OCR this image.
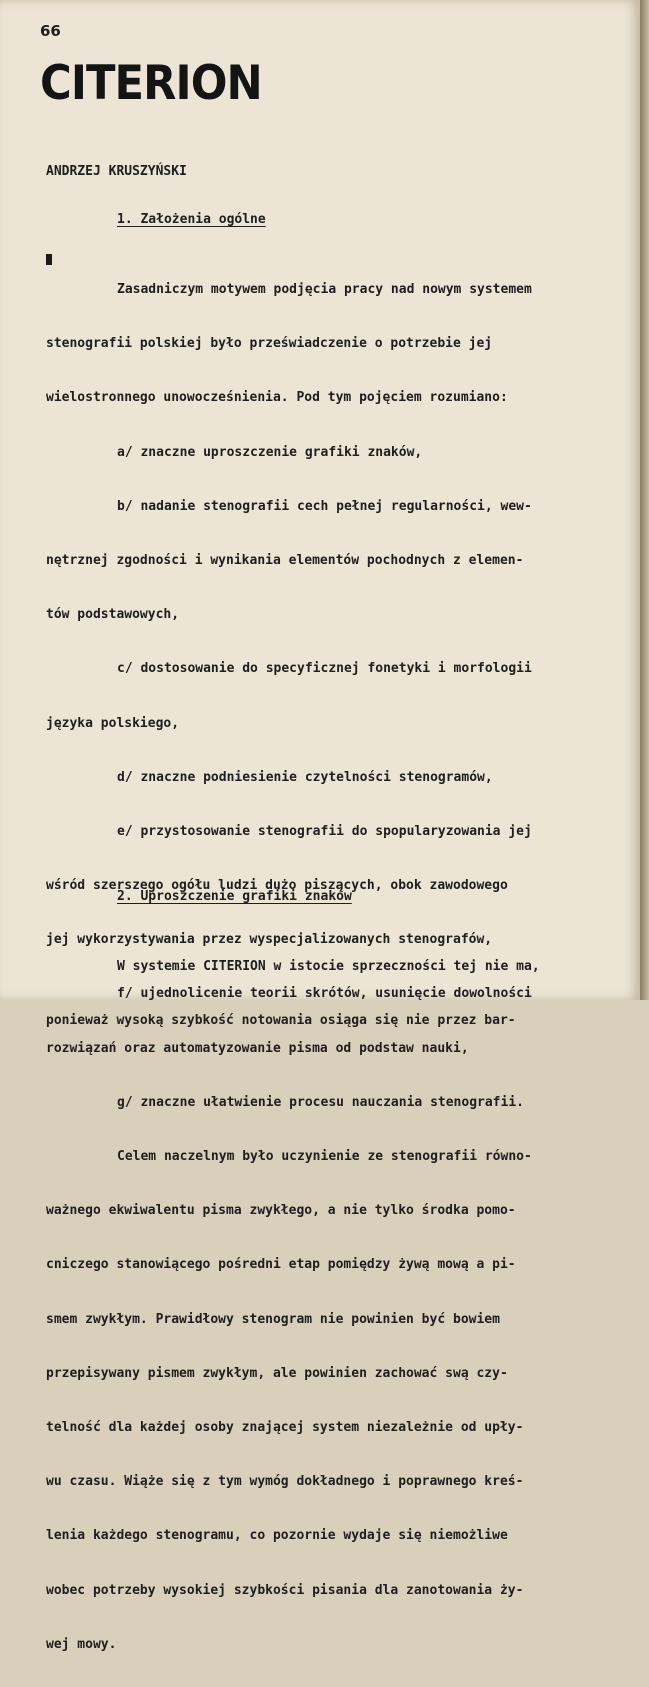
66
CITERION
ANDRZEJ KRUSZYŃSKI
1. Założenia ogólne

Zasadniczym motywem podjęcia pracy nad nowym systemem

stenografii polskiej było przeświadczenie o potrzebie jej

wielostronnego unowocześnienia. Pod tym pojęciem rozumiano:

a/ znaczne uproszczenie grafiki znaków,

b/ nadanie stenografii cech pełnej regularności, wew-

nętrznej zgodności i wynikania elementów pochodnych z elemen-

tów podstawowych,

c/ dostosowanie do specyficznej fonetyki i morfologii

języka polskiego,

d/ znaczne podniesienie czytelności stenogramów,

e/ przystosowanie stenografii do spopularyzowania jej

wśród szerszego ogółu ludzi dużo piszących, obok zawodowego

jej wykorzystywania przez wyspecjalizowanych stenografów,

f/ ujednolicenie teorii skrótów, usunięcie dowolności

rozwiązań oraz automatyzowanie pisma od podstaw nauki,

g/ znaczne ułatwienie procesu nauczania stenografii.

Celem naczelnym było uczynienie ze stenografii równo-

ważnego ekwiwalentu pisma zwykłego, a nie tylko środka pomo-

cniczego stanowiącego pośredni etap pomiędzy żywą mową a pi-

smem zwykłym. Prawidłowy stenogram nie powinien być bowiem

przepisywany pismem zwykłym, ale powinien zachować swą czy-

telność dla każdej osoby znającej system niezależnie od upły-

wu czasu. Wiąże się z tym wymóg dokładnego i poprawnego kreś-

lenia każdego stenogramu, co pozornie wydaje się niemożliwe

wobec potrzeby wysokiej szybkości pisania dla zanotowania ży-

wej mowy.

2. Uproszczenie grafiki znaków

W systemie CITERION w istocie sprzeczności tej nie ma,

ponieważ wysoką szybkość notowania osiąga się nie przez bar-
